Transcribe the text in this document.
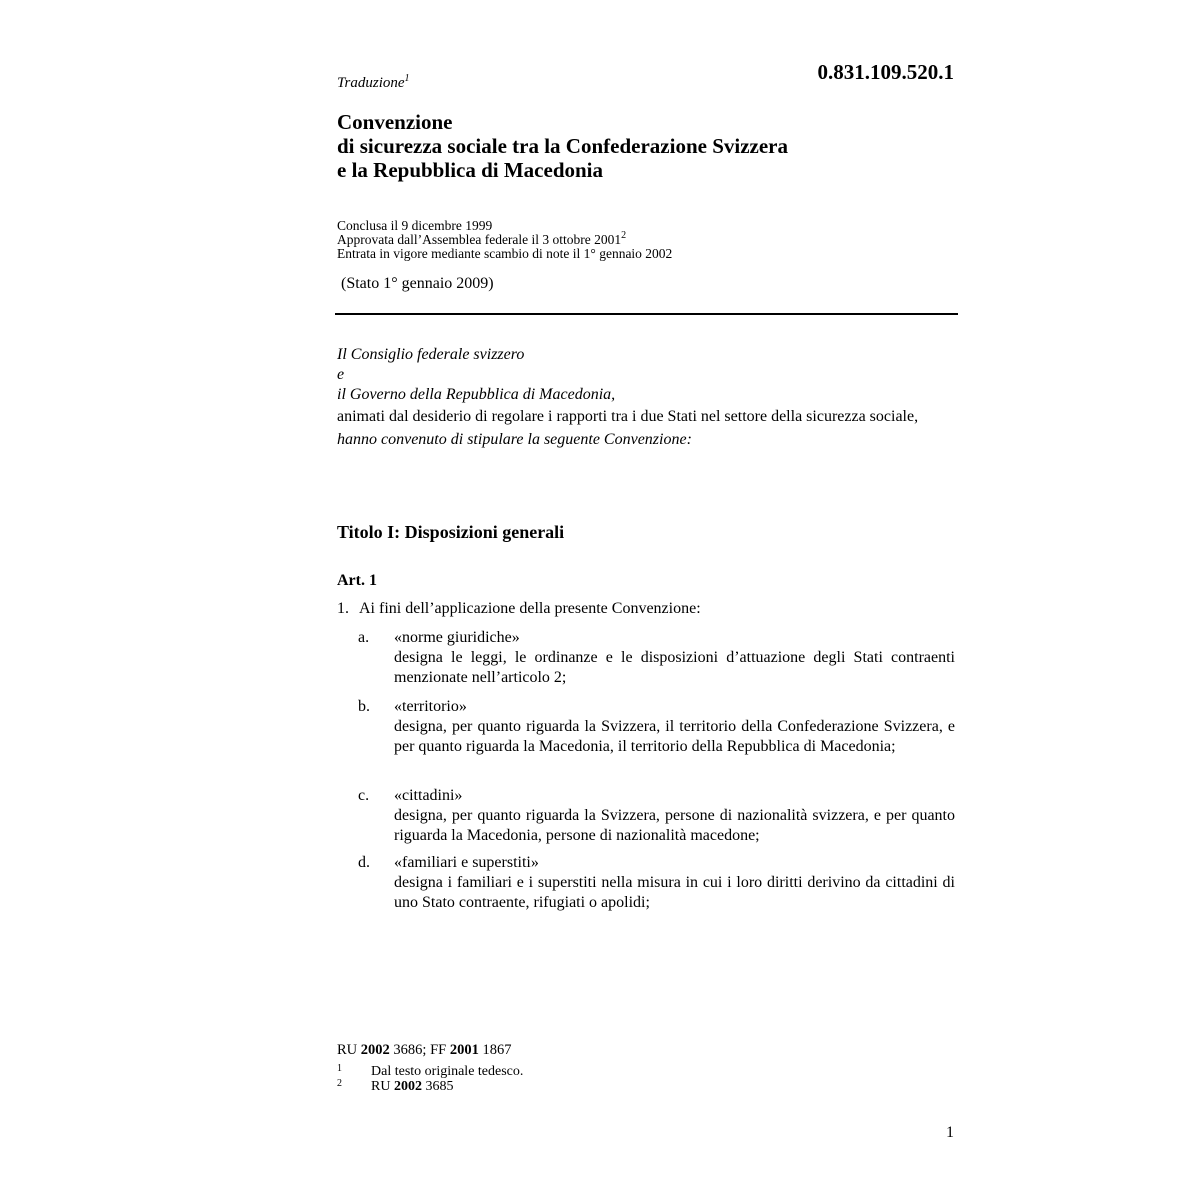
0.831.109.520.1
Traduzione$^1$
Convenzione
di sicurezza sociale tra la Confederazione Svizzera
e la Repubblica di Macedonia
Conclusa il 9 dicembre 1999
Approvata dall’Assemblea federale il 3 ottobre 2001$^2$
Entrata in vigore mediante scambio di note il 1° gennaio 2002
(Stato 1° gennaio 2009)
Il Consiglio federale svizzero
e
il Governo della Repubblica di Macedonia,
animati dal desiderio di regolare i rapporti tra i due Stati nel settore della sicurezza sociale,
hanno convenuto di stipulare la seguente Convenzione:
Titolo I: Disposizioni generali
Art. 1
1. Ai fini dell’applicazione della presente Convenzione:
a. «norme giuridiche»
designa le leggi, le ordinanze e le disposizioni d’attuazione degli Stati contraenti menzionate nell’articolo 2;
b. «territorio»
designa, per quanto riguarda la Svizzera, il territorio della Confederazione Svizzera, e per quanto riguarda la Macedonia, il territorio della Repubblica di Macedonia;
c. «cittadini»
designa, per quanto riguarda la Svizzera, persone di nazionalità svizzera, e per quanto riguarda la Macedonia, persone di nazionalità macedone;
d. «familiari e superstiti»
designa i familiari e i superstiti nella misura in cui i loro diritti derivino da cittadini di uno Stato contraente, rifugiati o apolidi;
RU 2002 3686; FF 2001 1867
1 Dal testo originale tedesco.
2 RU 2002 3685
1
